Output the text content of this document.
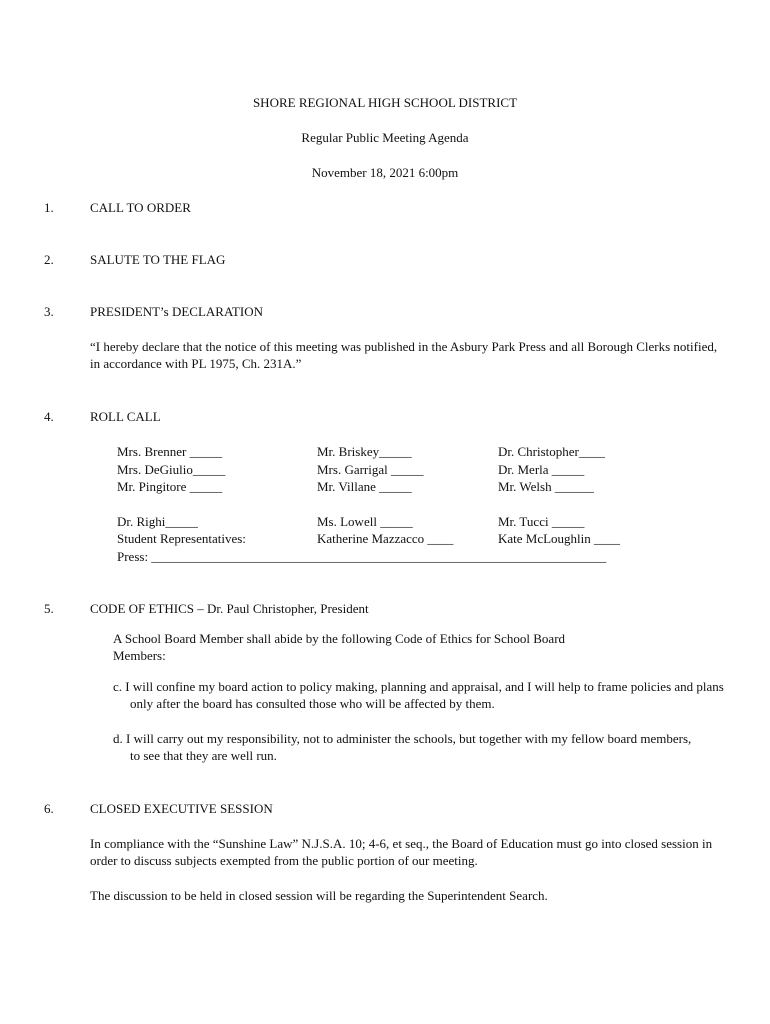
SHORE REGIONAL HIGH SCHOOL DISTRICT
Regular Public Meeting Agenda
November 18, 2021 6:00pm
1.	CALL TO ORDER
2.	SALUTE TO THE FLAG
3.	PRESIDENT’s DECLARATION
“I hereby declare that the notice of this meeting was published in the Asbury Park Press and all Borough Clerks notified, in accordance with PL 1975, Ch. 231A.”
4.	ROLL CALL
Mrs. Brenner _____	Mr. Briskey_____	Dr. Christopher____
Mrs. DeGiulio_____	Mrs. Garrigal _____	Dr. Merla _____
Mr. Pingitore _____	Mr. Villane _____	Mr. Welsh ______
Dr. Righi_____	Ms. Lowell _____	Mr. Tucci _____
Student Representatives:	Katherine Mazzacco ____	Kate McLoughlin ____
Press: ______________________________________________________________________
5.	CODE OF ETHICS – Dr. Paul Christopher, President
A School Board Member shall abide by the following Code of Ethics for School Board Members:
c. I will confine my board action to policy making, planning and appraisal, and I will help to frame policies and plans only after the board has consulted those who will be affected by them.
d. I will carry out my responsibility, not to administer the schools, but together with my fellow board members, to see that they are well run.
6.	CLOSED EXECUTIVE SESSION
In compliance with the “Sunshine Law” N.J.S.A. 10; 4-6, et seq., the Board of Education must go into closed session in order to discuss subjects exempted from the public portion of our meeting.
The discussion to be held in closed session will be regarding the Superintendent Search.
